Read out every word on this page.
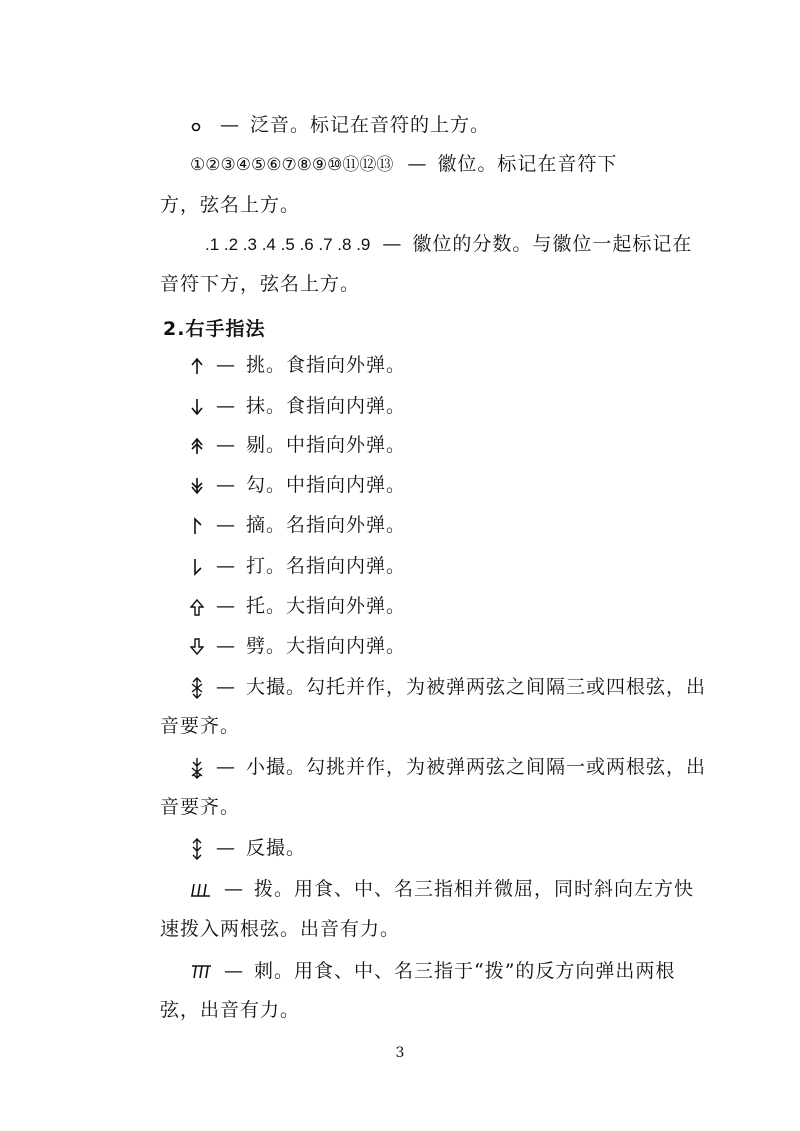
— 泛音。标记在音符的上方。
①②③④⑤⑥⑦⑧⑨⑩⑪⑫⑬ — 徽位。标记在音符下
方，弦名上方。
.1 .2 .3 .4 .5 .6 .7 .8 .9 — 徽位的分数。与徽位一起标记在
音符下方，弦名上方。
2.右手指法
— 挑。食指向外弹。
— 抹。食指向内弹。
— 剔。中指向外弹。
— 勾。中指向内弹。
— 摘。名指向外弹。
— 打。名指向内弹。
— 托。大指向外弹。
— 劈。大指向内弹。
— 大撮。勾托并作，为被弹两弦之间隔三或四根弦，出
音要齐。
— 小撮。勾挑并作，为被弹两弦之间隔一或两根弦，出
音要齐。
— 反撮。
— 拨。用食、中、名三指相并微屈，同时斜向左方快
速拨入两根弦。出音有力。
— 刺。用食、中、名三指于“拨”的反方向弹出两根
弦，出音有力。
3
